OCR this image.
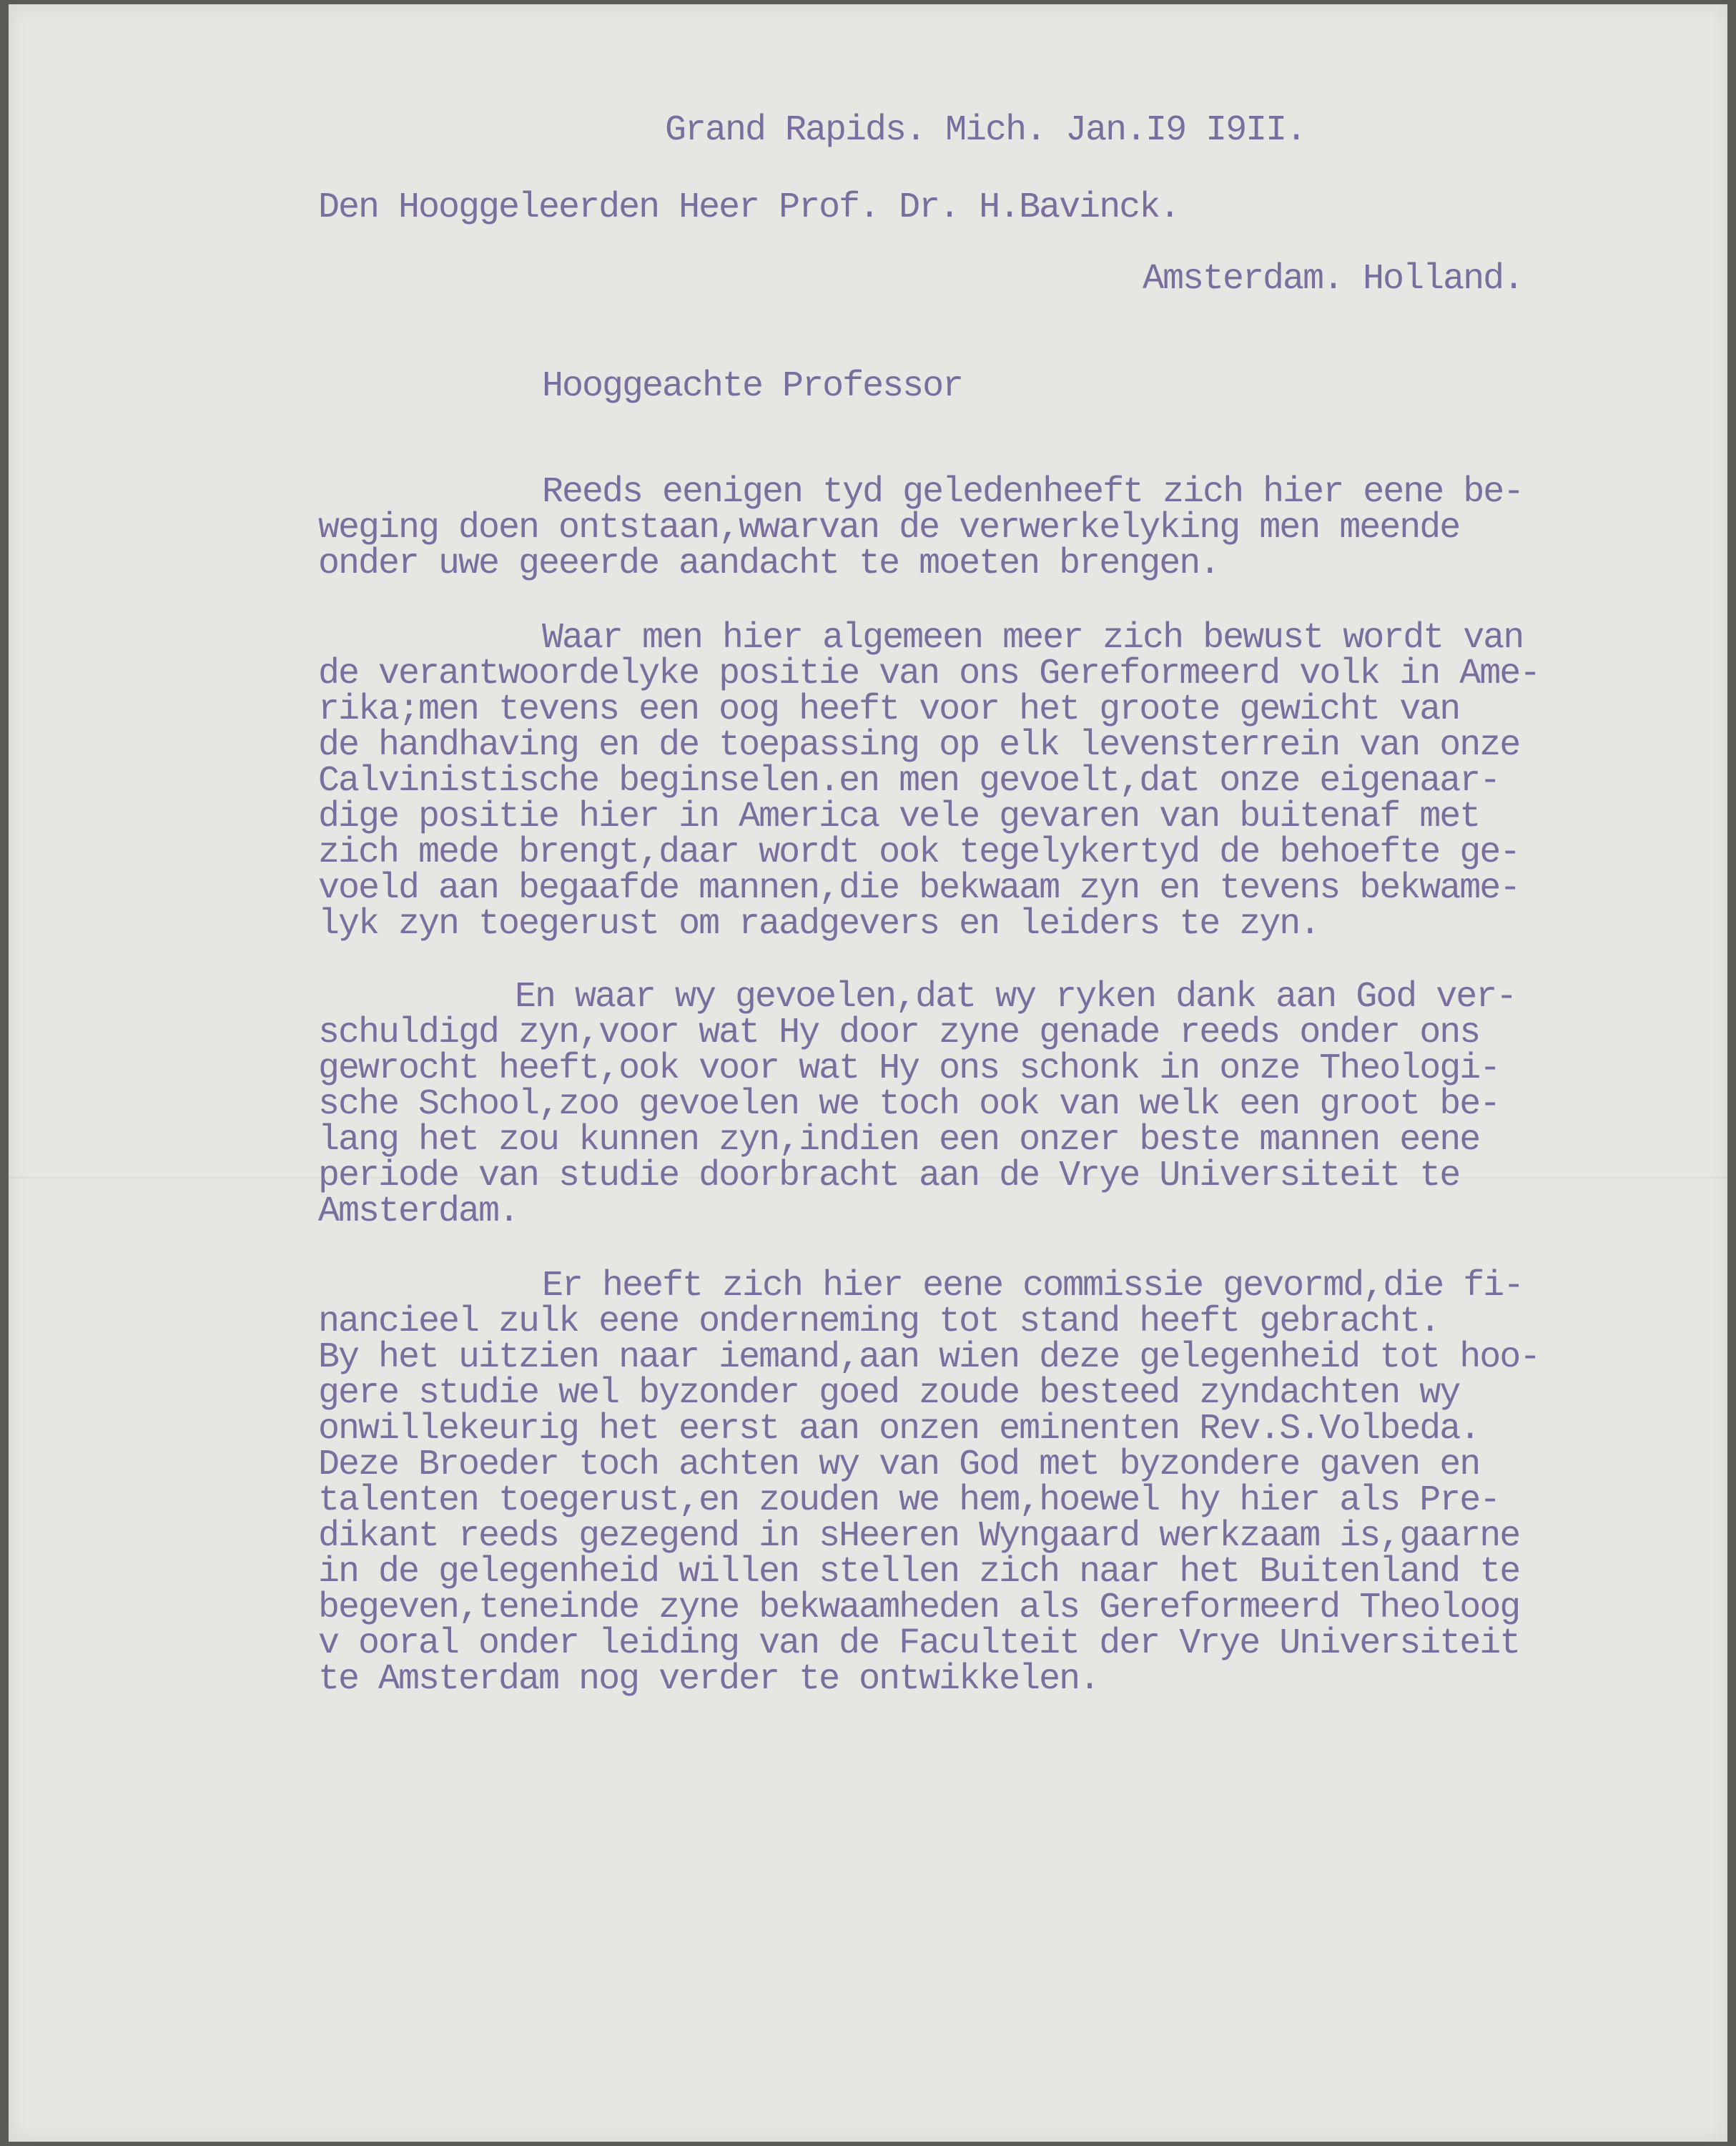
Grand Rapids. Mich. Jan.I9 I9II.

Den Hooggeleerden Heer Prof. Dr. H.Bavinck.

Amsterdam. Holland.

Hooggeachte Professor

Reeds eenigen tyd geledenheeft zich hier eene be-

weging doen ontstaan,wwarvan de verwerkelyking men meende

onder uwe geeerde aandacht te moeten brengen.

Waar men hier algemeen meer zich bewust wordt van

de verantwoordelyke positie van ons Gereformeerd volk in Ame-

rika;men tevens een oog heeft voor het groote gewicht van

de handhaving en de toepassing op elk levensterrein van onze

Calvinistische beginselen.en men gevoelt,dat onze eigenaar-

dige positie hier in America vele gevaren van buitenaf met

zich mede brengt,daar wordt ook tegelykertyd de behoefte ge-

voeld aan begaafde mannen,die bekwaam zyn en tevens bekwame-

lyk zyn toegerust om raadgevers en leiders te zyn.

En waar wy gevoelen,dat wy ryken dank aan God ver-

schuldigd zyn,voor wat Hy door zyne genade reeds onder ons

gewrocht heeft,ook voor wat Hy ons schonk in onze Theologi-

sche School,zoo gevoelen we toch ook van welk een groot be-

lang het zou kunnen zyn,indien een onzer beste mannen eene

periode van studie doorbracht aan de Vrye Universiteit te

Amsterdam.

Er heeft zich hier eene commissie gevormd,die fi-

nancieel zulk eene onderneming tot stand heeft gebracht.

By het uitzien naar iemand,aan wien deze gelegenheid tot hoo-

gere studie wel byzonder goed zoude besteed zyndachten wy

onwillekeurig het eerst aan onzen eminenten Rev.S.Volbeda.

Deze Broeder toch achten wy van God met byzondere gaven en

talenten toegerust,en zouden we hem,hoewel hy hier als Pre-

dikant reeds gezegend in sHeeren Wyngaard werkzaam is,gaarne

in de gelegenheid willen stellen zich naar het Buitenland te

begeven,teneinde zyne bekwaamheden als Gereformeerd Theoloog

v ooral onder leiding van de Faculteit der Vrye Universiteit

te Amsterdam nog verder te ontwikkelen.
